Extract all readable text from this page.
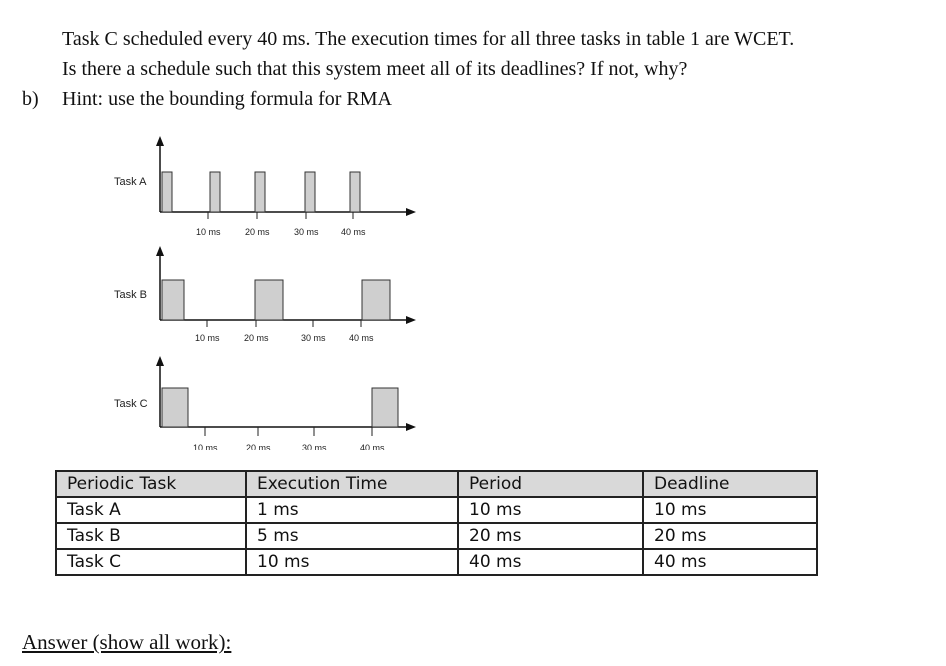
Task C scheduled every 40 ms. The execution times for all three tasks in table 1 are WCET.
Is there a schedule such that this system meet all of its deadlines? If not, why?
b) Hint: use the bounding formula for RMA
Task A
Task B
Task C
10 ms	20 ms	30 ms 40 ms
10 ms	20 ms	30 ms	40 ms
10 ms	20 ms	30 ms	40 ms
Periodic Task	Execution Time	Period	Deadline
Task A	1 ms	10 ms	10 ms
Task B	5 ms	20 ms	20 ms
Task C	10 ms	40 ms	40 ms
Answer (show all work):
